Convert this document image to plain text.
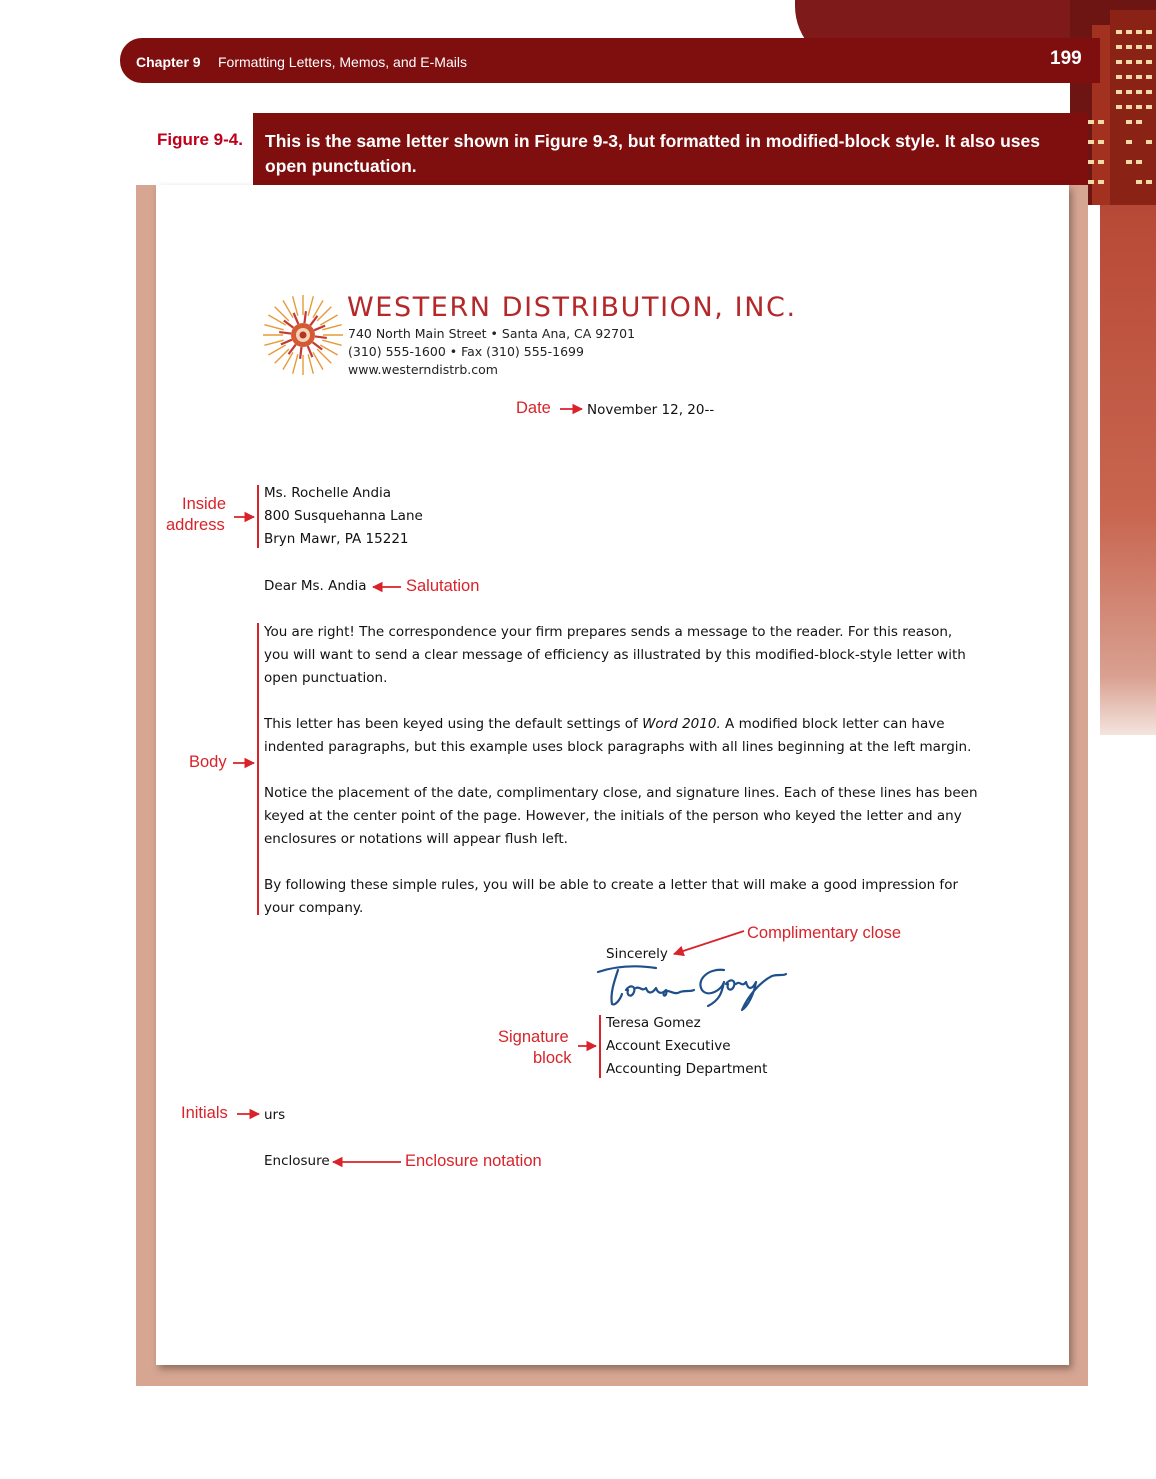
Chapter 9 Formatting Letters, Memos, and E-Mails	199
Figure 9-4. This is the same letter shown in Figure 9-3, but formatted in modified-block style. It also uses
open punctuation.
WESTERN DISTRIBUTION, INC.
740 North Main Street • Santa Ana, CA 92701
(310) 555-1600 • Fax (310) 555-1699
www.westerndistrb.com
Date	November 12, 20--
Inside
address

Ms. Rochelle Andia

800 Susquehanna Lane

Bryn Mawr, PA 15221

Dear Ms. Andia Salutation
Body

You are right! The correspondence your firm prepares sends a message to the reader. For this reason,

you will want to send a clear message of efficiency as illustrated by this modified-block-style letter with

open punctuation.

This letter has been keyed using the default settings of Word 2010. A modified block letter can have

indented paragraphs, but this example uses block paragraphs with all lines beginning at the left margin.

Notice the placement of the date, complimentary close, and signature lines. Each of these lines has been

keyed at the center point of the page. However, the initials of the person who keyed the letter and any

enclosures or notations will appear flush left.

By following these simple rules, you will be able to create a letter that will make a good impression for

your company.

Sincerely
Complimentary close
Signature
block

Teresa Gomez

Account Executive

Accounting Department

Initials	urs
Enclosure	Enclosure notation
